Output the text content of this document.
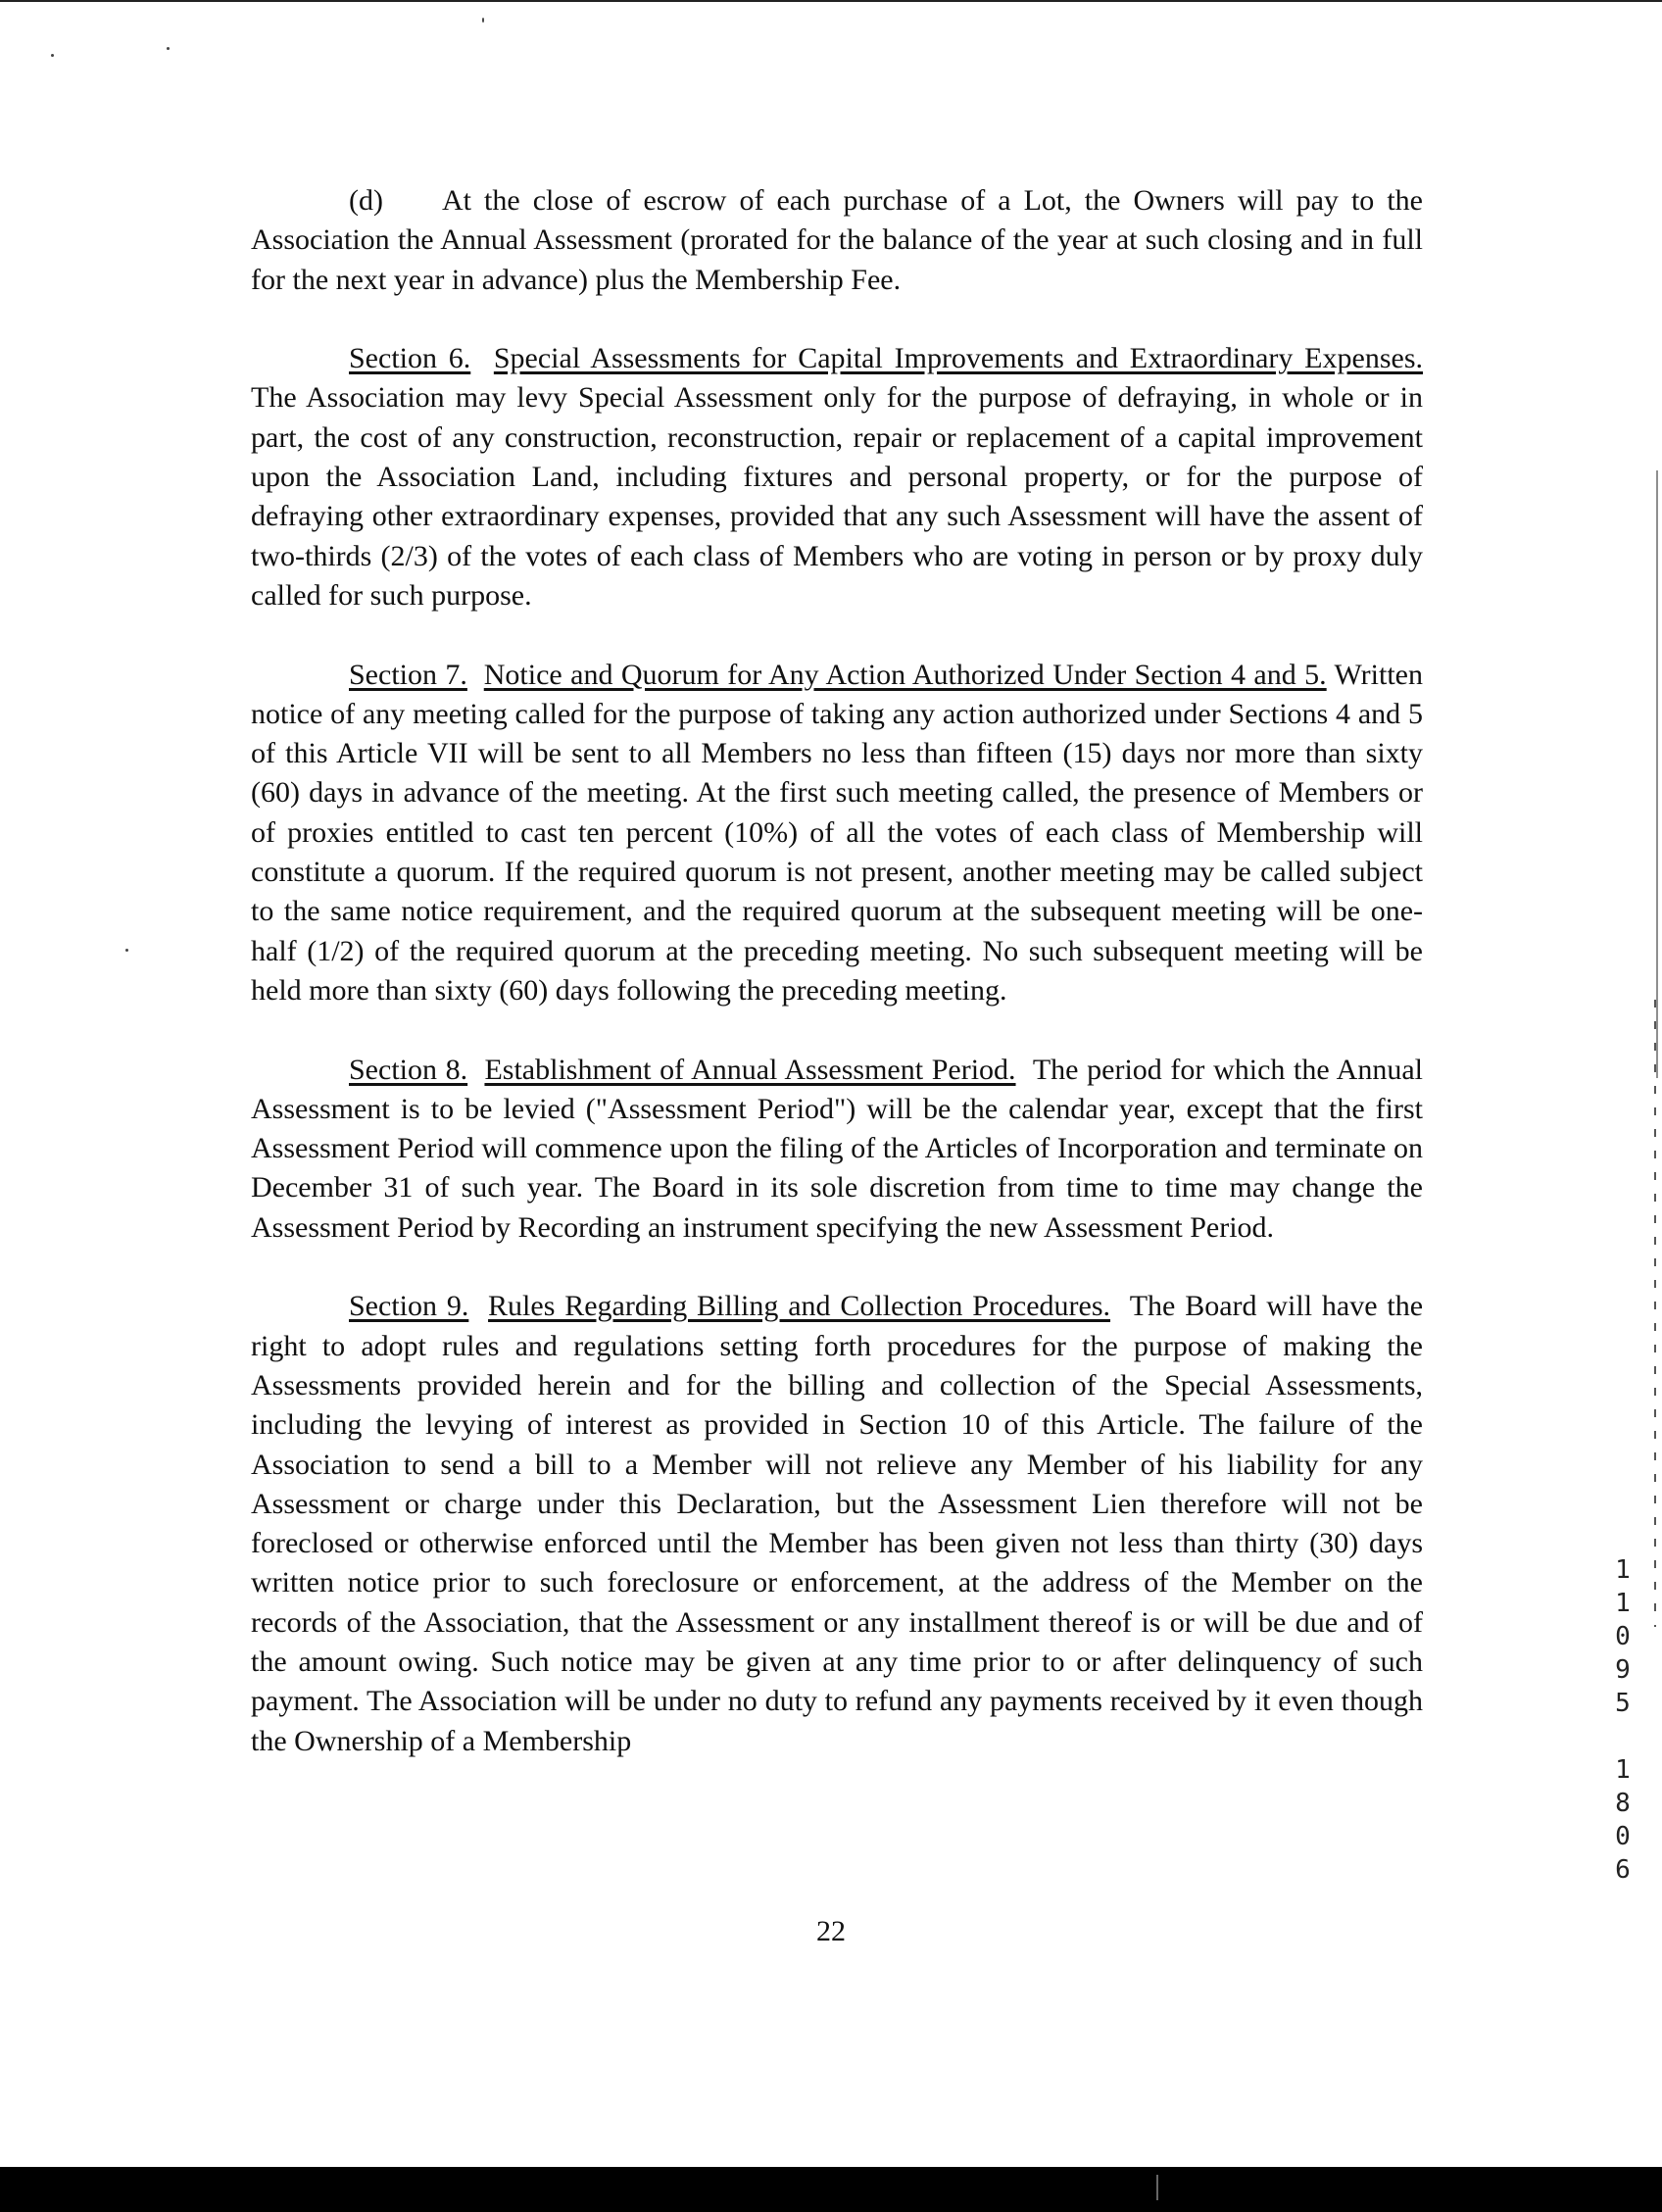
(d) At the close of escrow of each purchase of a Lot, the Owners will pay to the Association the Annual Assessment (prorated for the balance of the year at such closing and in full for the next year in advance) plus the Membership Fee.

Section 6. Special Assessments for Capital Improvements and Extraordinary Expenses. The Association may levy Special Assessment only for the purpose of defraying, in whole or in part, the cost of any construction, reconstruction, repair or replacement of a capital improvement upon the Association Land, including fixtures and personal property, or for the purpose of defraying other extraordinary expenses, provided that any such Assessment will have the assent of two-thirds (2/3) of the votes of each class of Members who are voting in person or by proxy duly called for such purpose.

Section 7. Notice and Quorum for Any Action Authorized Under Section 4 and 5. Written notice of any meeting called for the purpose of taking any action authorized under Sections 4 and 5 of this Article VII will be sent to all Members no less than fifteen (15) days nor more than sixty (60) days in advance of the meeting. At the first such meeting called, the presence of Members or of proxies entitled to cast ten percent (10%) of all the votes of each class of Membership will constitute a quorum. If the required quorum is not present, another meeting may be called subject to the same notice requirement, and the required quorum at the subsequent meeting will be one-half (1/2) of the required quorum at the preceding meeting. No such subsequent meeting will be held more than sixty (60) days following the preceding meeting.

Section 8. Establishment of Annual Assessment Period. The period for which the Annual Assessment is to be levied ("Assessment Period") will be the calendar year, except that the first Assessment Period will commence upon the filing of the Articles of Incorporation and terminate on December 31 of such year. The Board in its sole discretion from time to time may change the Assessment Period by Recording an instrument specifying the new Assessment Period.

Section 9. Rules Regarding Billing and Collection Procedures. The Board will have the right to adopt rules and regulations setting forth procedures for the purpose of making the Assessments provided herein and for the billing and collection of the Special Assessments, including the levying of interest as provided in Section 10 of this Article. The failure of the Association to send a bill to a Member will not relieve any Member of his liability for any Assessment or charge under this Declaration, but the Assessment Lien therefore will not be foreclosed or otherwise enforced until the Member has been given not less than thirty (30) days written notice prior to such foreclosure or enforcement, at the address of the Member on the records of the Association, that the Assessment or any installment thereof is or will be due and of the amount owing. Such notice may be given at any time prior to or after delinquency of such payment. The Association will be under no duty to refund any payments received by it even though the Ownership of a Membership

22
1
1
0
9
5
1
8
0
6
